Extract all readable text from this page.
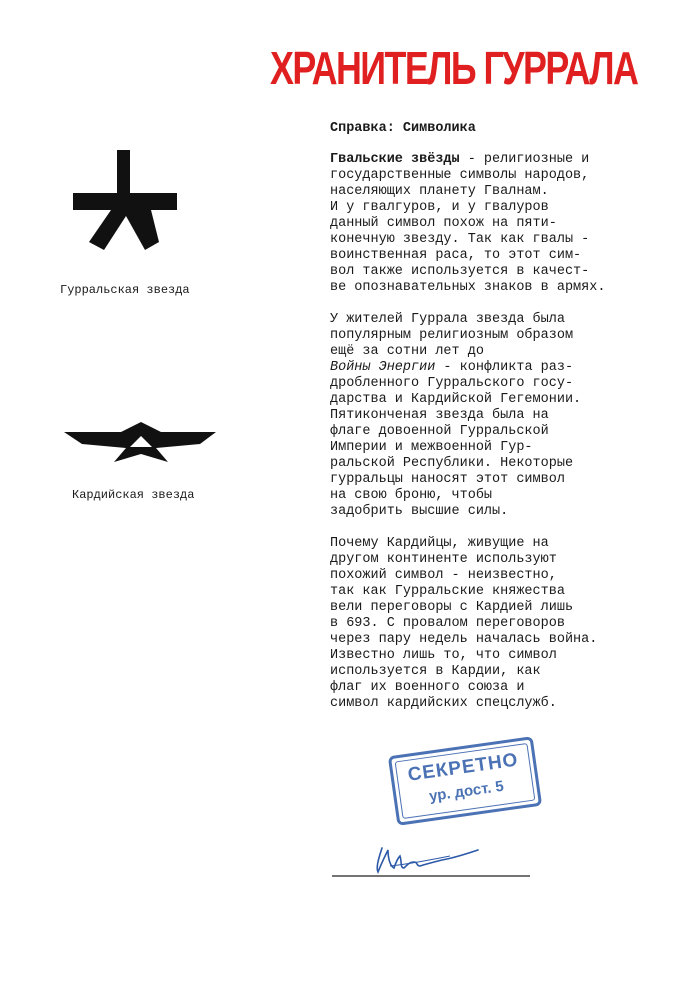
ХРАНИТЕЛЬ ГУРРАЛА
Справка: Символика
Гвальские звёзды - религиозные и
государственные символы народов,
населяющих планету Гвалнам.
И у гвалгуров, и у гвалуров
данный символ похож на пяти-
конечную звезду. Так как гвалы -
воинственная раса, то этот сим-
вол также используется в качест-
ве опознавательных знаков в армях.
У жителей Гуррала звезда была
популярным религиозным образом
ещё за сотни лет до
Войны Энергии - конфликта раз-
дробленного Гурральского госу-
дарства и Кардийской Гегемонии.
Пятиконченая звезда была на
флаге довоенной Гурральской
Империи и межвоенной Гур-
ральской Республики. Некоторые
гурральцы наносят этот символ
на свою броню, чтобы
задобрить высшие силы.
Почему Кардийцы, живущие на
другом континенте используют
похожий символ - неизвестно,
так как Гурральские княжества
вели переговоры с Кардией лишь
в 693. С провалом переговоров
через пару недель началась война.
Известно лишь то, что символ
используется в Кардии, как
флаг их военного союза и
символ кардийских спецслужб.
Гурральская звезда
Кардийская звезда
СЕКРЕТНО
ур. дост. 5
